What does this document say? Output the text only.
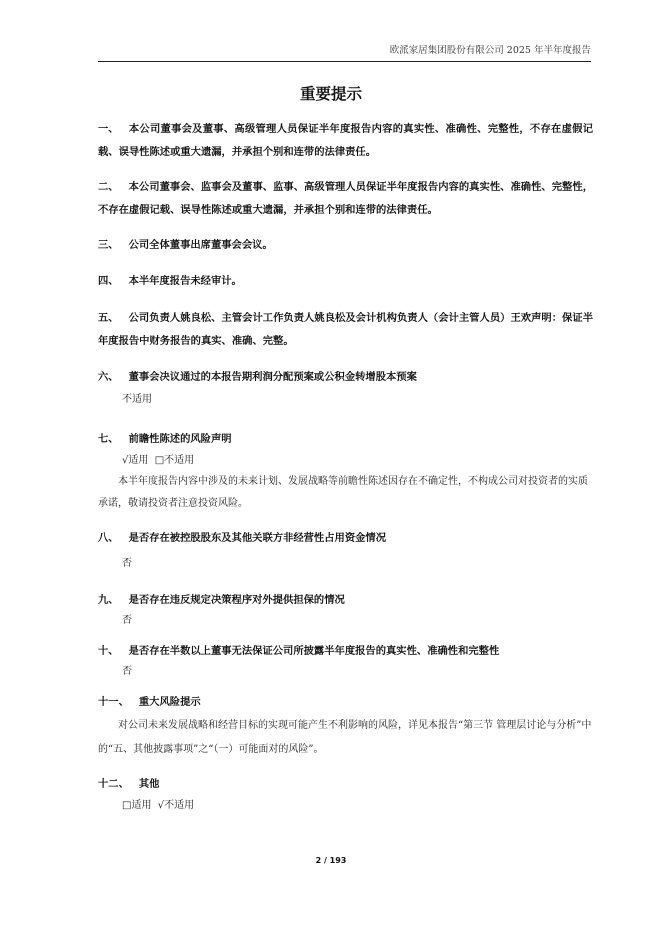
欧派家居集团股份有限公司 2025 年半年度报告
重要提示
一、 本公司董事会及董事、高级管理人员保证半年度报告内容的真实性、准确性、完整性，不存在虚假记载、误导性陈述或重大遗漏，并承担个别和连带的法律责任。
二、 本公司董事会、监事会及董事、监事、高级管理人员保证半年度报告内容的真实性、准确性、完整性，不存在虚假记载、误导性陈述或重大遗漏，并承担个别和连带的法律责任。
三、 公司全体董事出席董事会会议。
四、 本半年度报告未经审计。
五、 公司负责人姚良松、主管会计工作负责人姚良松及会计机构负责人（会计主管人员）王欢声明：保证半年度报告中财务报告的真实、准确、完整。
六、 董事会决议通过的本报告期利润分配预案或公积金转增股本预案
不适用
七、 前瞻性陈述的风险声明
√适用  □不适用
本半年度报告内容中涉及的未来计划、发展战略等前瞻性陈述因存在不确定性，不构成公司对投资者的实质承诺，敬请投资者注意投资风险。
八、 是否存在被控股股东及其他关联方非经营性占用资金情况
否
九、 是否存在违反规定决策程序对外提供担保的情况
否
十、 是否存在半数以上董事无法保证公司所披露半年度报告的真实性、准确性和完整性
否
十一、 重大风险提示
对公司未来发展战略和经营目标的实现可能产生不利影响的风险，详见本报告“第三节 管理层讨论与分析”中的“五、其他披露事项”之“（一）可能面对的风险”。
十二、 其他
□适用  √不适用
2 / 193
